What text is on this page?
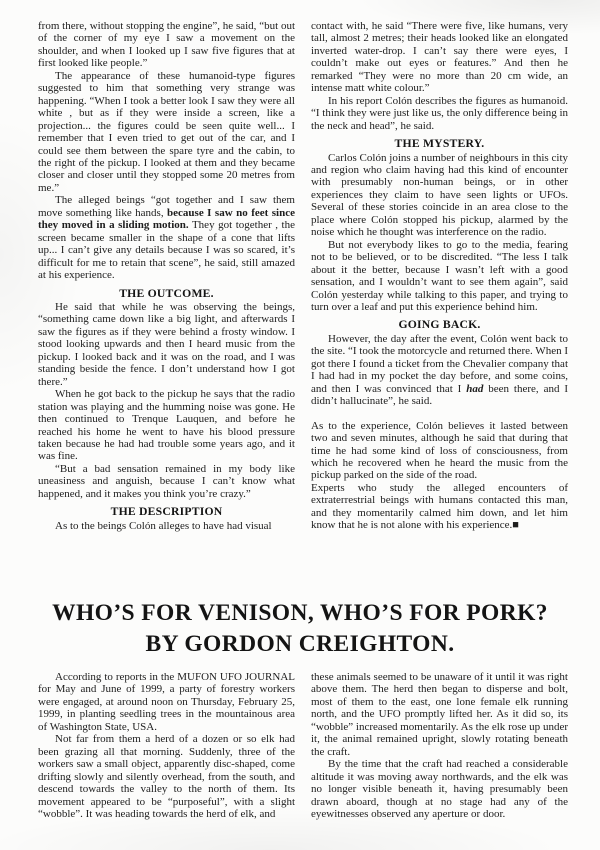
from there, without stopping the engine”, he said, “but out of the corner of my eye I saw a movement on the shoulder, and when I looked up I saw five figures that at first looked like people.”

The appearance of these humanoid-type figures suggested to him that something very strange was happening. “When I took a better look I saw they were all white , but as if they were inside a screen, like a projection... the figures could be seen quite well... I remember that I even tried to get out of the car, and I could see them between the spare tyre and the cabin, to the right of the pickup. I looked at them and they became closer and closer until they stopped some 20 metres from me.”

The alleged beings “got together and I saw them move something like hands, because I saw no feet since they moved in a sliding motion. They got together , the screen became smaller in the shape of a cone that lifts up... I can’t give any details because I was so scared, it’s difficult for me to retain that scene”, he said, still amazed at his experience.

THE OUTCOME.

He said that while he was observing the beings, “something came down like a big light, and afterwards I saw the figures as if they were behind a frosty window. I stood looking upwards and then I heard music from the pickup. I looked back and it was on the road, and I was standing beside the fence. I don’t understand how I got there.”

When he got back to the pickup he says that the radio station was playing and the humming noise was gone. He then continued to Trenque Lauquen, and before he reached his home he went to have his blood pressure taken because he had had trouble some years ago, and it was fine.

“But a bad sensation remained in my body like uneasiness and anguish, because I can’t know what happened, and it makes you think you’re crazy.”

THE DESCRIPTION

As to the beings Colón alleges to have had visual

contact with, he said “There were five, like humans, very tall, almost 2 metres; their heads looked like an elongated inverted water-drop. I can’t say there were eyes, I couldn’t make out eyes or features.” And then he remarked “They were no more than 20 cm wide, an intense matt white colour.”

In his report Colón describes the figures as humanoid. “I think they were just like us, the only difference being in the neck and head”, he said.

THE MYSTERY.

Carlos Colón joins a number of neighbours in this city and region who claim having had this kind of encounter with presumably non-human beings, or in other experiences they claim to have seen lights or UFOs. Several of these stories coincide in an area close to the place where Colón stopped his pickup, alarmed by the noise which he thought was interference on the radio.

But not everybody likes to go to the media, fearing not to be believed, or to be discredited. “The less I talk about it the better, because I wasn’t left with a good sensation, and I wouldn’t want to see them again”, said Colón yesterday while talking to this paper, and trying to turn over a leaf and put this experience behind him.

GOING BACK.

However, the day after the event, Colón went back to the site. “I took the motorcycle and returned there. When I got there I found a ticket from the Chevalier company that I had had in my pocket the day before, and some coins, and then I was convinced that I had been there, and I didn’t hallucinate”, he said.

As to the experience, Colón believes it lasted between two and seven minutes, although he said that during that time he had some kind of loss of consciousness, from which he recovered when he heard the music from the pickup parked on the side of the road.

Experts who study the alleged encounters of extraterrestrial beings with humans contacted this man, and they momentarily calmed him down, and let him know that he is not alone with his experience.■

WHO’S FOR VENISON, WHO’S FOR PORK?
BY GORDON CREIGHTON.

According to reports in the MUFON UFO JOURNAL for May and June of 1999, a party of forestry workers were engaged, at around noon on Thursday, February 25, 1999, in planting seedling trees in the mountainous area of Washington State, USA.

Not far from them a herd of a dozen or so elk had been grazing all that morning. Suddenly, three of the workers saw a small object, apparently disc-shaped, come drifting slowly and silently overhead, from the south, and descend towards the valley to the north of them. Its movement appeared to be “purposeful”, with a slight “wobble”. It was heading towards the herd of elk, and

these animals seemed to be unaware of it until it was right above them. The herd then began to disperse and bolt, most of them to the east, one lone female elk running north, and the UFO promptly lifted her. As it did so, its “wobble” increased momentarily. As the elk rose up under it, the animal remained upright, slowly rotating beneath the craft.

By the time that the craft had reached a considerable altitude it was moving away northwards, and the elk was no longer visible beneath it, having presumably been drawn aboard, though at no stage had any of the eyewitnesses observed any aperture or door.
